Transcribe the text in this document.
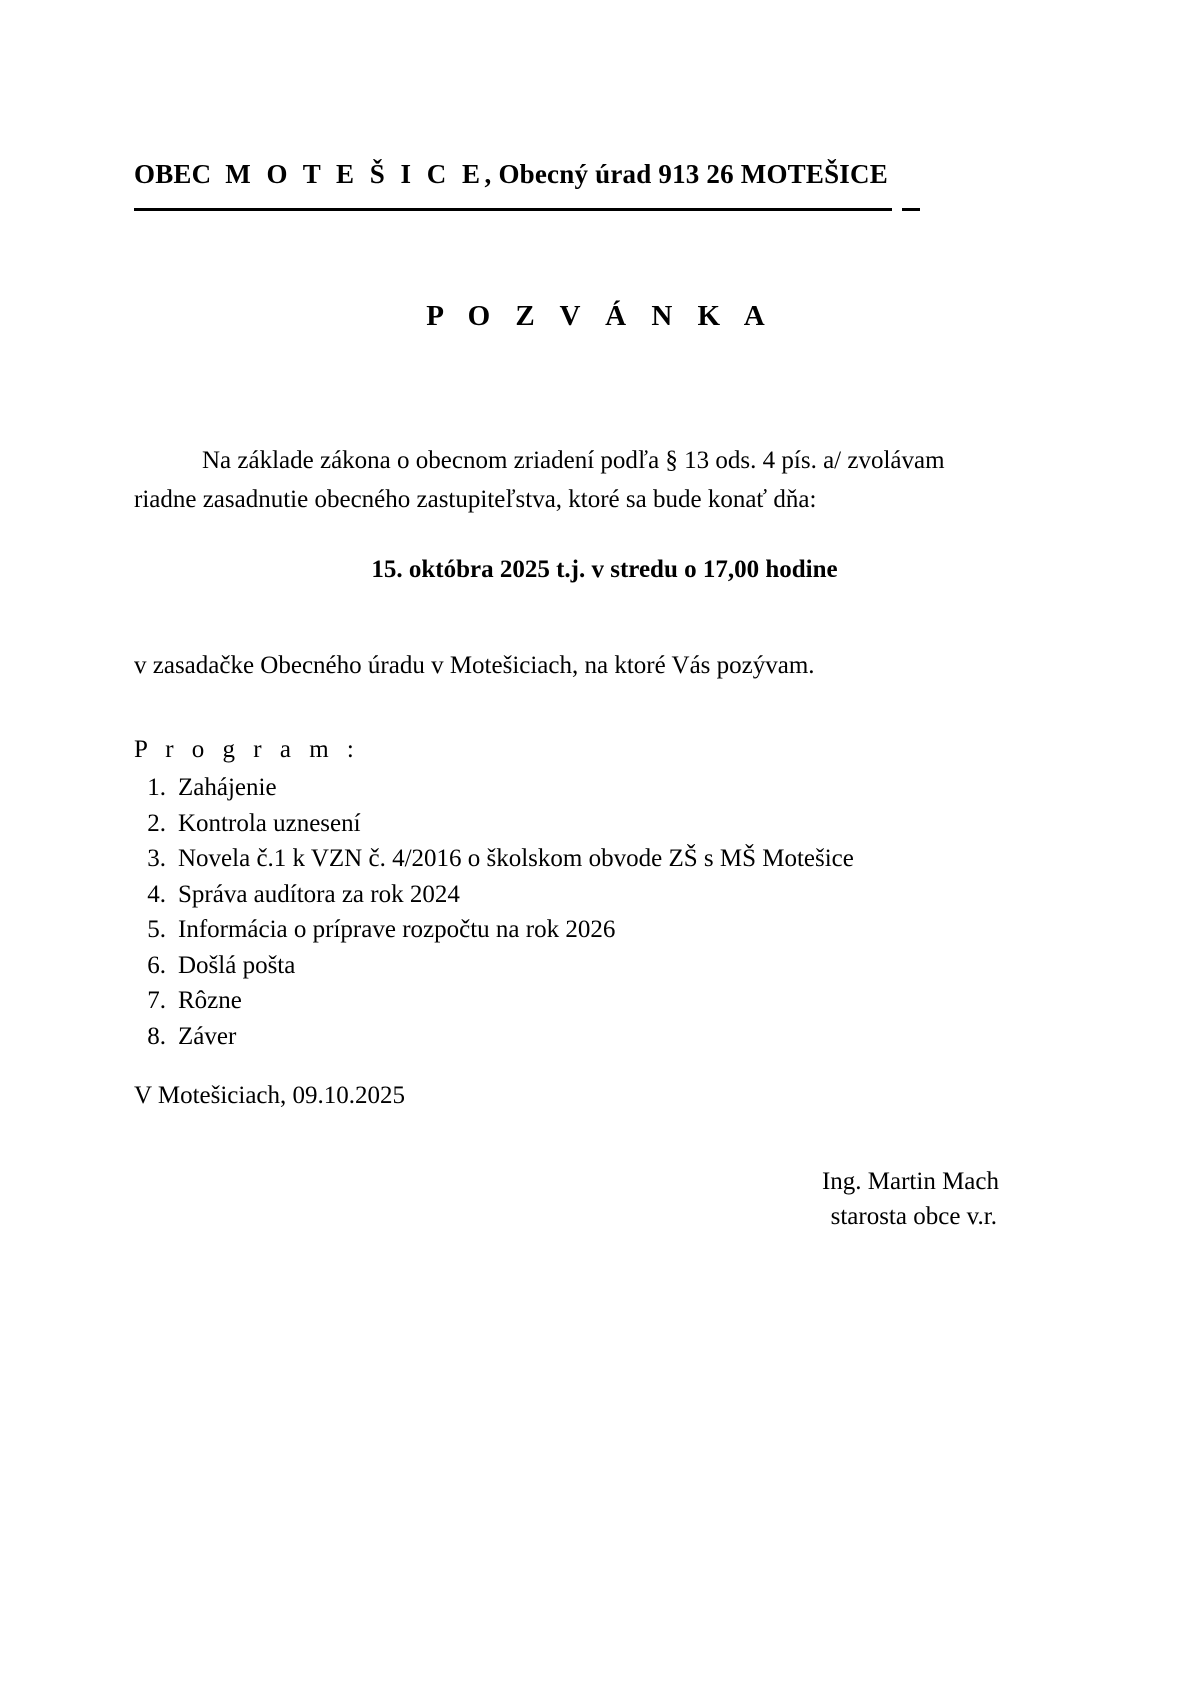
OBEC M O T E Š I C E, Obecný úrad 913 26 MOTEŠICE
P O Z V Á N K A
Na základe zákona o obecnom zriadení podľa § 13 ods. 4 pís. a/ zvolávam riadne zasadnutie obecného zastupiteľstva, ktoré sa bude konať dňa:
15. októbra 2025 t.j. v stredu o 17,00 hodine
v zasadačke Obecného úradu v Motešiciach, na ktoré Vás pozývam.
P r o g r a m :
1. Zahájenie
2. Kontrola uznesení
3. Novela č.1 k VZN č. 4/2016 o školskom obvode ZŠ s MŠ Motešice
4. Správa audítora za rok 2024
5. Informácia o príprave rozpočtu na rok 2026
6. Došlá pošta
7. Rôzne
8. Záver
V Motešiciach, 09.10.2025
Ing. Martin Mach
starosta obce v.r.
